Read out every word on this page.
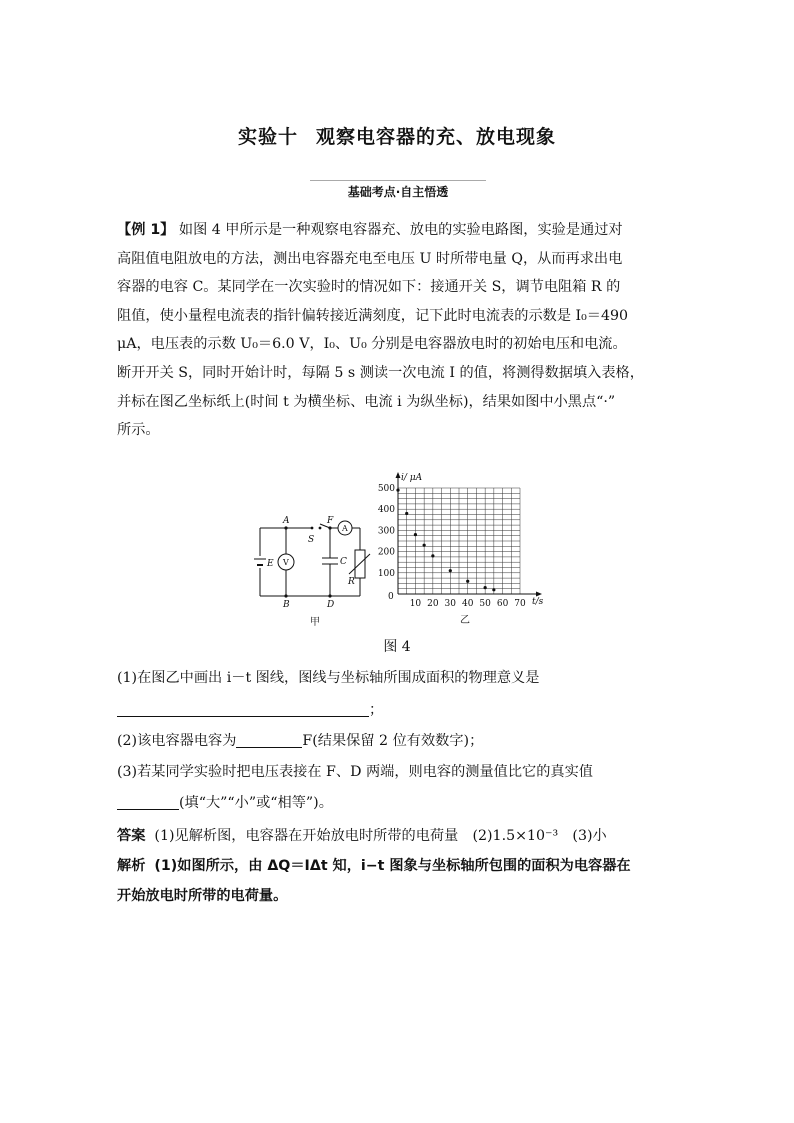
实验十 观察电容器的充、放电现象
基础考点·自主悟透

【例 1】 如图 4 甲所示是一种观察电容器充、放电的实验电路图，实验是通过对

高阻值电阻放电的方法，测出电容器充电至电压 U 时所带电量 Q，从而再求出电

容器的电容 C。某同学在一次实验时的情况如下：接通开关 S，调节电阻箱 R 的

阻值，使小量程电流表的指针偏转接近满刻度，记下此时电流表的示数是 I₀＝490

μA，电压表的示数 U₀＝6.0 V，I₀、U₀ 分别是电容器放电时的初始电压和电流。

断开开关 S，同时开始计时，每隔 5 s 测读一次电流 I 的值，将测得数据填入表格，

并标在图乙坐标纸上(时间 t 为横坐标、电流 i 为纵坐标)，结果如图中小黑点“·”

所示。

A
S
F
B	D
E	C
R
A
V
甲
10 20 30 40 50 60 70
100
200
300
400
500
i/ μA
t/s
0
乙
图 4
(1)在图乙中画出 i－t 图线，图线与坐标轴所围成面积的物理意义是
；
(2)该电容器电容为	F(结果保留 2 位有效数字)；
(3)若某同学实验时把电压表接在 F、D 两端，则电容的测量值比它的真实值
(填“大”“小”或“相等”)。
答案 (1)见解析图，电容器在开始放电时所带的电荷量　(2)1.5×10⁻³　(3)小
解析 (1)如图所示，由 ΔQ＝IΔt 知，i−t 图象与坐标轴所包围的面积为电容器在
开始放电时所带的电荷量。
